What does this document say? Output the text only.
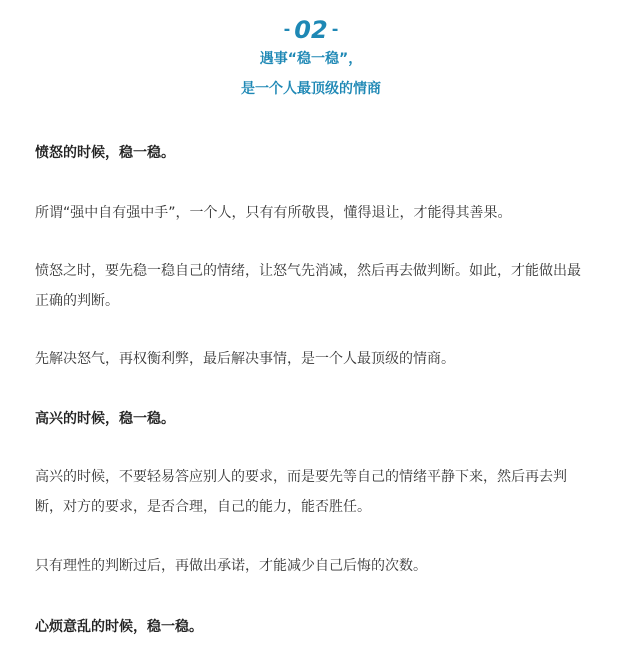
- 02 -
遇事“稳一稳”，
是一个人最顶级的情商

愤怒的时候，稳一稳。

所谓“强中自有强中手”，一个人，只有有所敬畏，懂得退让，才能得其善果。

愤怒之时，要先稳一稳自己的情绪，让怒气先消减，然后再去做判断。如此，才能做出最正确的判断。

先解决怒气，再权衡利弊，最后解决事情，是一个人最顶级的情商。

高兴的时候，稳一稳。

高兴的时候，不要轻易答应别人的要求，而是要先等自己的情绪平静下来，然后再去判断，对方的要求，是否合理，自己的能力，能否胜任。

只有理性的判断过后，再做出承诺，才能减少自己后悔的次数。

心烦意乱的时候，稳一稳。
